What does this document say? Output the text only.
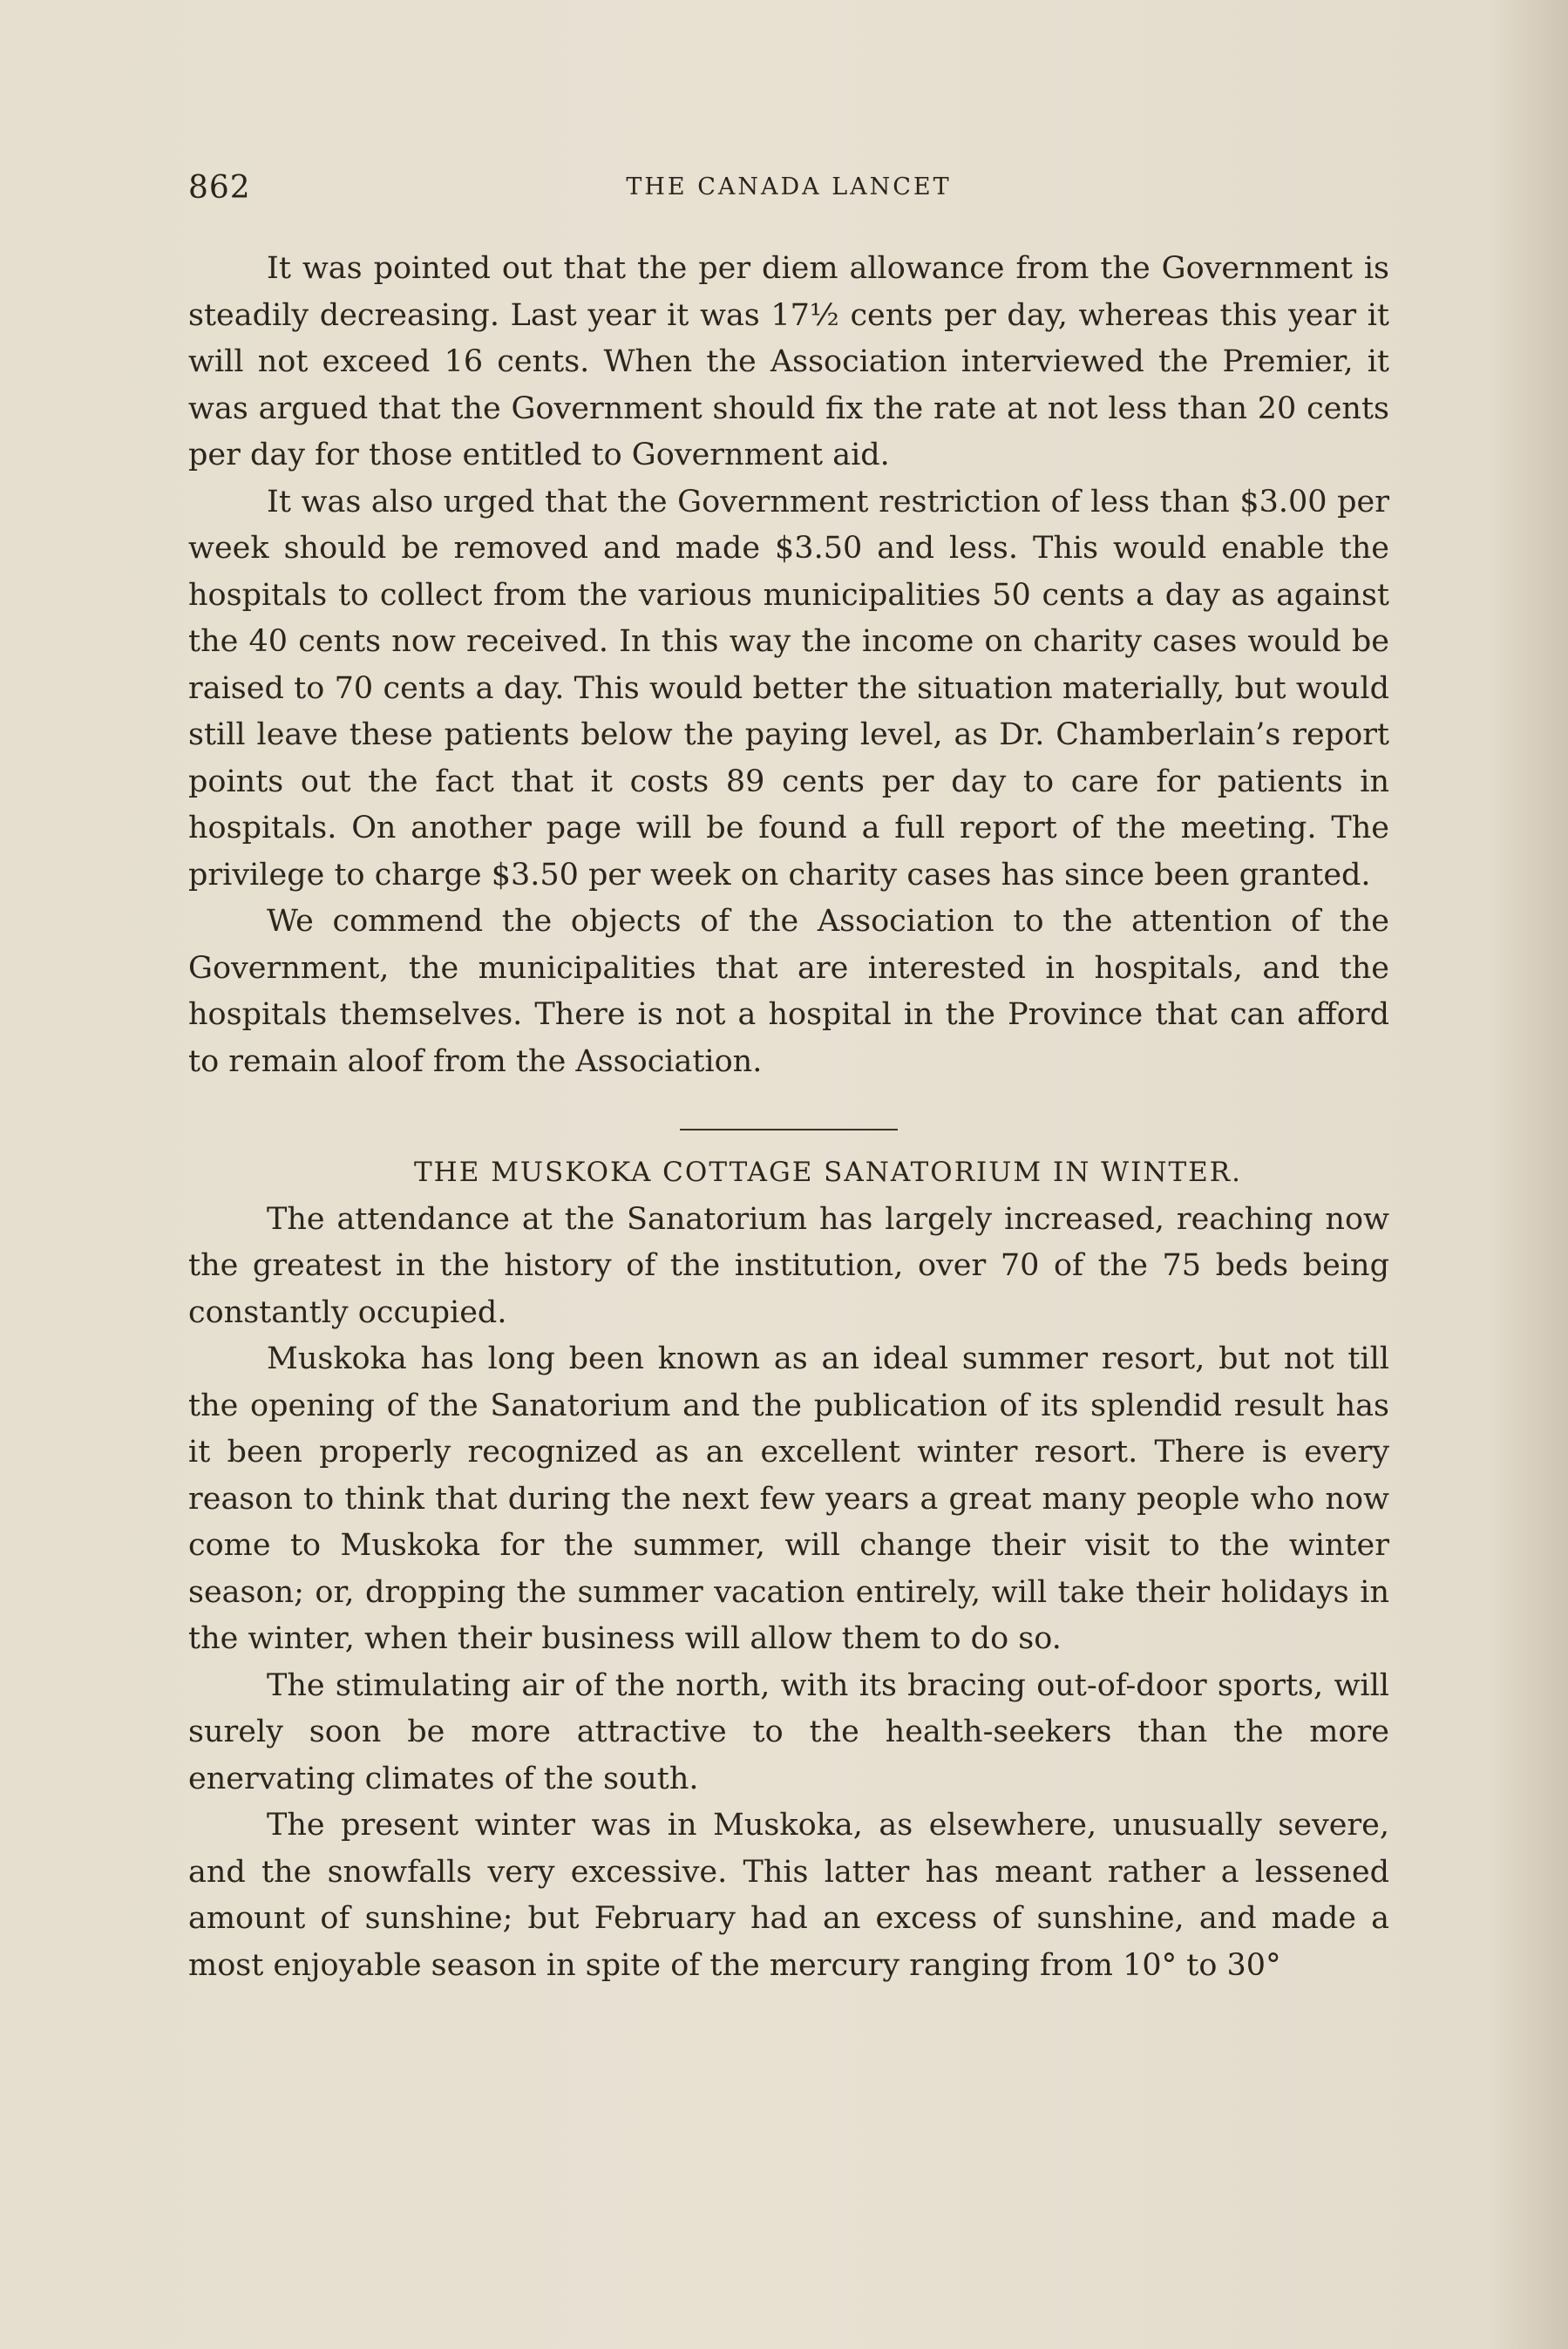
862	THE CANADA LANCET

It was pointed out that the per diem allowance from the Government is steadily decreasing. Last year it was 17½ cents per day, whereas this year it will not exceed 16 cents. When the Association interviewed the Premier, it was argued that the Government should fix the rate at not less than 20 cents per day for those entitled to Government aid.

It was also urged that the Government restriction of less than $3.00 per week should be removed and made $3.50 and less. This would enable the hospitals to collect from the various municipalities 50 cents a day as against the 40 cents now received. In this way the income on charity cases would be raised to 70 cents a day. This would better the situation materially, but would still leave these patients below the paying level, as Dr. Chamberlain’s report points out the fact that it costs 89 cents per day to care for patients in hospitals. On another page will be found a full report of the meeting. The privilege to charge $3.50 per week on charity cases has since been granted.

We commend the objects of the Association to the attention of the Government, the municipalities that are interested in hospitals, and the hospitals themselves. There is not a hospital in the Province that can afford to remain aloof from the Association.

THE MUSKOKA COTTAGE SANATORIUM IN WINTER.

The attendance at the Sanatorium has largely increased, reaching now the greatest in the history of the institution, over 70 of the 75 beds being constantly occupied.

Muskoka has long been known as an ideal summer resort, but not till the opening of the Sanatorium and the publication of its splendid result has it been properly recognized as an excellent winter resort. There is every reason to think that during the next few years a great many people who now come to Muskoka for the summer, will change their visit to the winter season; or, dropping the summer vacation entirely, will take their holidays in the winter, when their business will allow them to do so.

The stimulating air of the north, with its bracing out-of-door sports, will surely soon be more attractive to the health-seekers than the more enervating climates of the south.

The present winter was in Muskoka, as elsewhere, unusually severe, and the snowfalls very excessive. This latter has meant rather a lessened amount of sunshine; but February had an excess of sunshine, and made a most enjoyable season in spite of the mercury ranging from 10° to 30°
